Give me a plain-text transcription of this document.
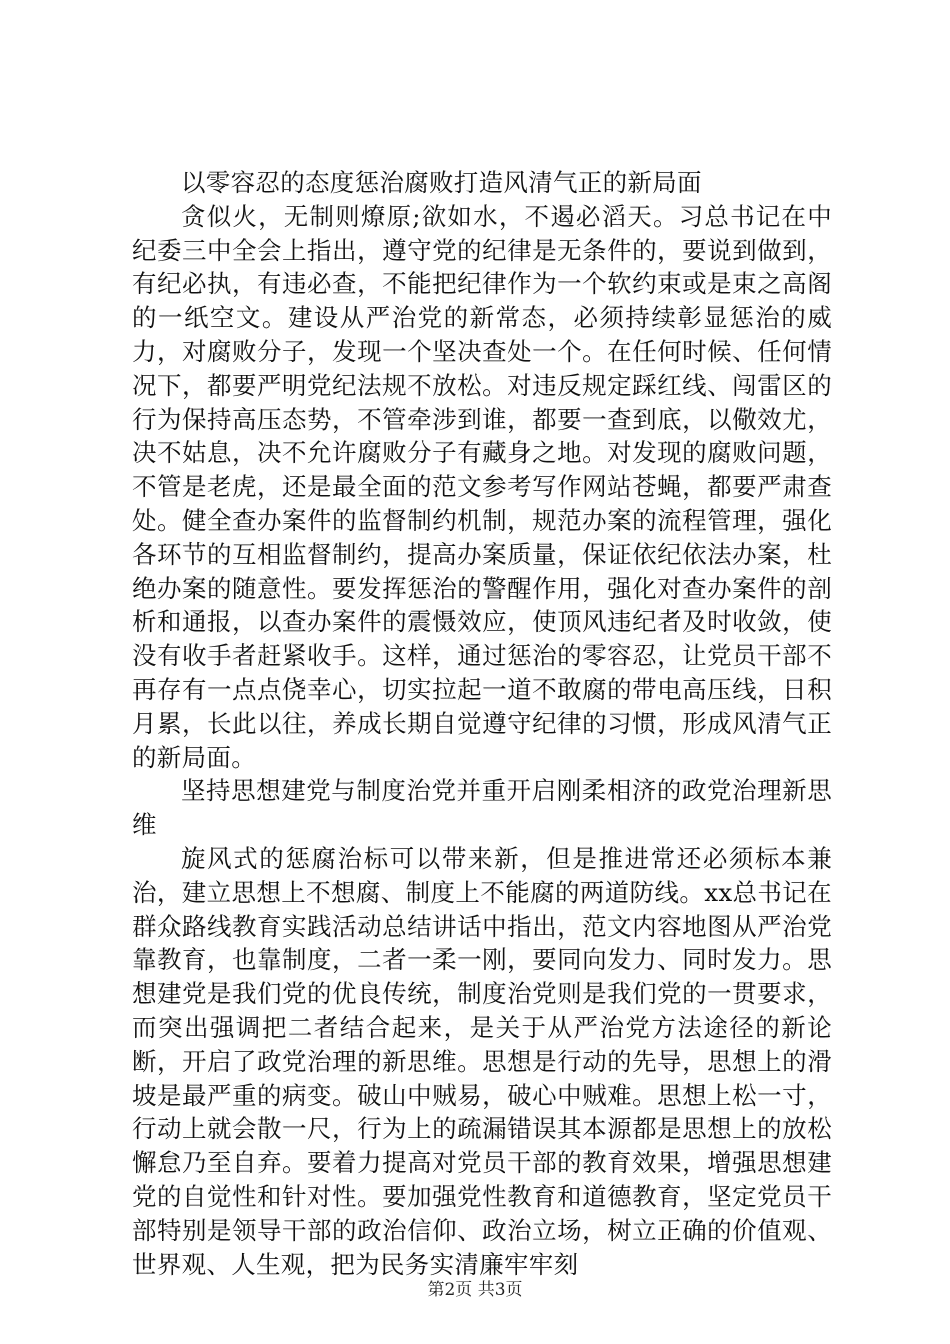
以零容忍的态度惩治腐败打造风清气正的新局面

贪似火，无制则燎原;欲如水，不遏必滔天。习总书记在中纪委三中全会上指出，遵守党的纪律是无条件的，要说到做到，有纪必执，有违必查，不能把纪律作为一个软约束或是束之高阁的一纸空文。建设从严治党的新常态，必须持续彰显惩治的威力，对腐败分子，发现一个坚决查处一个。在任何时候、任何情况下，都要严明党纪法规不放松。对违反规定踩红线、闯雷区的行为保持高压态势，不管牵涉到谁，都要一查到底，以儆效尤，决不姑息，决不允许腐败分子有藏身之地。对发现的腐败问题，不管是老虎，还是最全面的范文参考写作网站苍蝇，都要严肃查处。健全查办案件的监督制约机制，规范办案的流程管理，强化各环节的互相监督制约，提高办案质量，保证依纪依法办案，杜绝办案的随意性。要发挥惩治的警醒作用，强化对查办案件的剖析和通报，以查办案件的震慑效应，使顶风违纪者及时收敛，使没有收手者赶紧收手。这样，通过惩治的零容忍，让党员干部不再存有一点点侥幸心，切实拉起一道不敢腐的带电高压线，日积月累，长此以往，养成长期自觉遵守纪律的习惯，形成风清气正的新局面。

坚持思想建党与制度治党并重开启刚柔相济的政党治理新思维

旋风式的惩腐治标可以带来新，但是推进常还必须标本兼治，建立思想上不想腐、制度上不能腐的两道防线。xx总书记在群众路线教育实践活动总结讲话中指出，范文内容地图从严治党靠教育，也靠制度，二者一柔一刚，要同向发力、同时发力。思想建党是我们党的优良传统，制度治党则是我们党的一贯要求，而突出强调把二者结合起来，是关于从严治党方法途径的新论断，开启了政党治理的新思维。思想是行动的先导，思想上的滑坡是最严重的病变。破山中贼易，破心中贼难。思想上松一寸，行动上就会散一尺，行为上的疏漏错误其本源都是思想上的放松懈怠乃至自弃。要着力提高对党员干部的教育效果，增强思想建党的自觉性和针对性。要加强党性教育和道德教育，坚定党员干部特别是领导干部的政治信仰、政治立场，树立正确的价值观、世界观、人生观，把为民务实清廉牢牢刻

第2页 共3页
